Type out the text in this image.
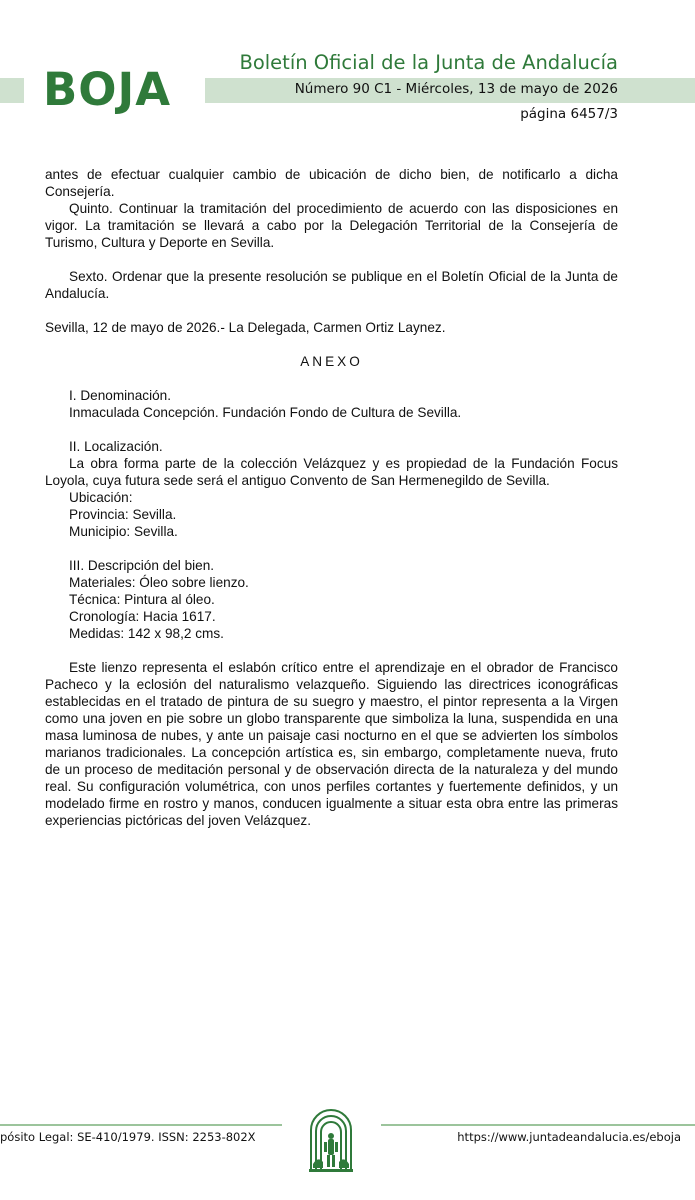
BOJA
Boletín Oficial de la Junta de Andalucía
Número 90 C1 - Miércoles, 13 de mayo de 2026
página 6457/3

antes de efectuar cualquier cambio de ubicación de dicho bien, de notificarlo a dicha Consejería.

Quinto. Continuar la tramitación del procedimiento de acuerdo con las disposiciones en vigor. La tramitación se llevará a cabo por la Delegación Territorial de la Consejería de Turismo, Cultura y Deporte en Sevilla.

Sexto. Ordenar que la presente resolución se publique en el Boletín Oficial de la Junta de Andalucía.

Sevilla, 12 de mayo de 2026.- La Delegada, Carmen Ortiz Laynez.

ANEXO

I. Denominación.

Inmaculada Concepción. Fundación Fondo de Cultura de Sevilla.

II. Localización.

La obra forma parte de la colección Velázquez y es propiedad de la Fundación Focus Loyola, cuya futura sede será el antiguo Convento de San Hermenegildo de Sevilla.

Ubicación:

Provincia: Sevilla.

Municipio: Sevilla.

III. Descripción del bien.

Materiales: Óleo sobre lienzo.

Técnica: Pintura al óleo.

Cronología: Hacia 1617.

Medidas: 142 x 98,2 cms.

Este lienzo representa el eslabón crítico entre el aprendizaje en el obrador de Francisco Pacheco y la eclosión del naturalismo velazqueño. Siguiendo las directrices iconográficas establecidas en el tratado de pintura de su suegro y maestro, el pintor representa a la Virgen como una joven en pie sobre un globo transparente que simboliza la luna, suspendida en una masa luminosa de nubes, y ante un paisaje casi nocturno en el que se advierten los símbolos marianos tradicionales. La concepción artística es, sin embargo, completamente nueva, fruto de un proceso de meditación personal y de observación directa de la naturaleza y del mundo real. Su configuración volumétrica, con unos perfiles cortantes y fuertemente definidos, y un modelado firme en rostro y manos, conducen igualmente a situar esta obra entre las primeras experiencias pictóricas del joven Velázquez.

pósito Legal: SE-410/1979. ISSN: 2253-802X	https://www.juntadeandalucia.es/eboja
